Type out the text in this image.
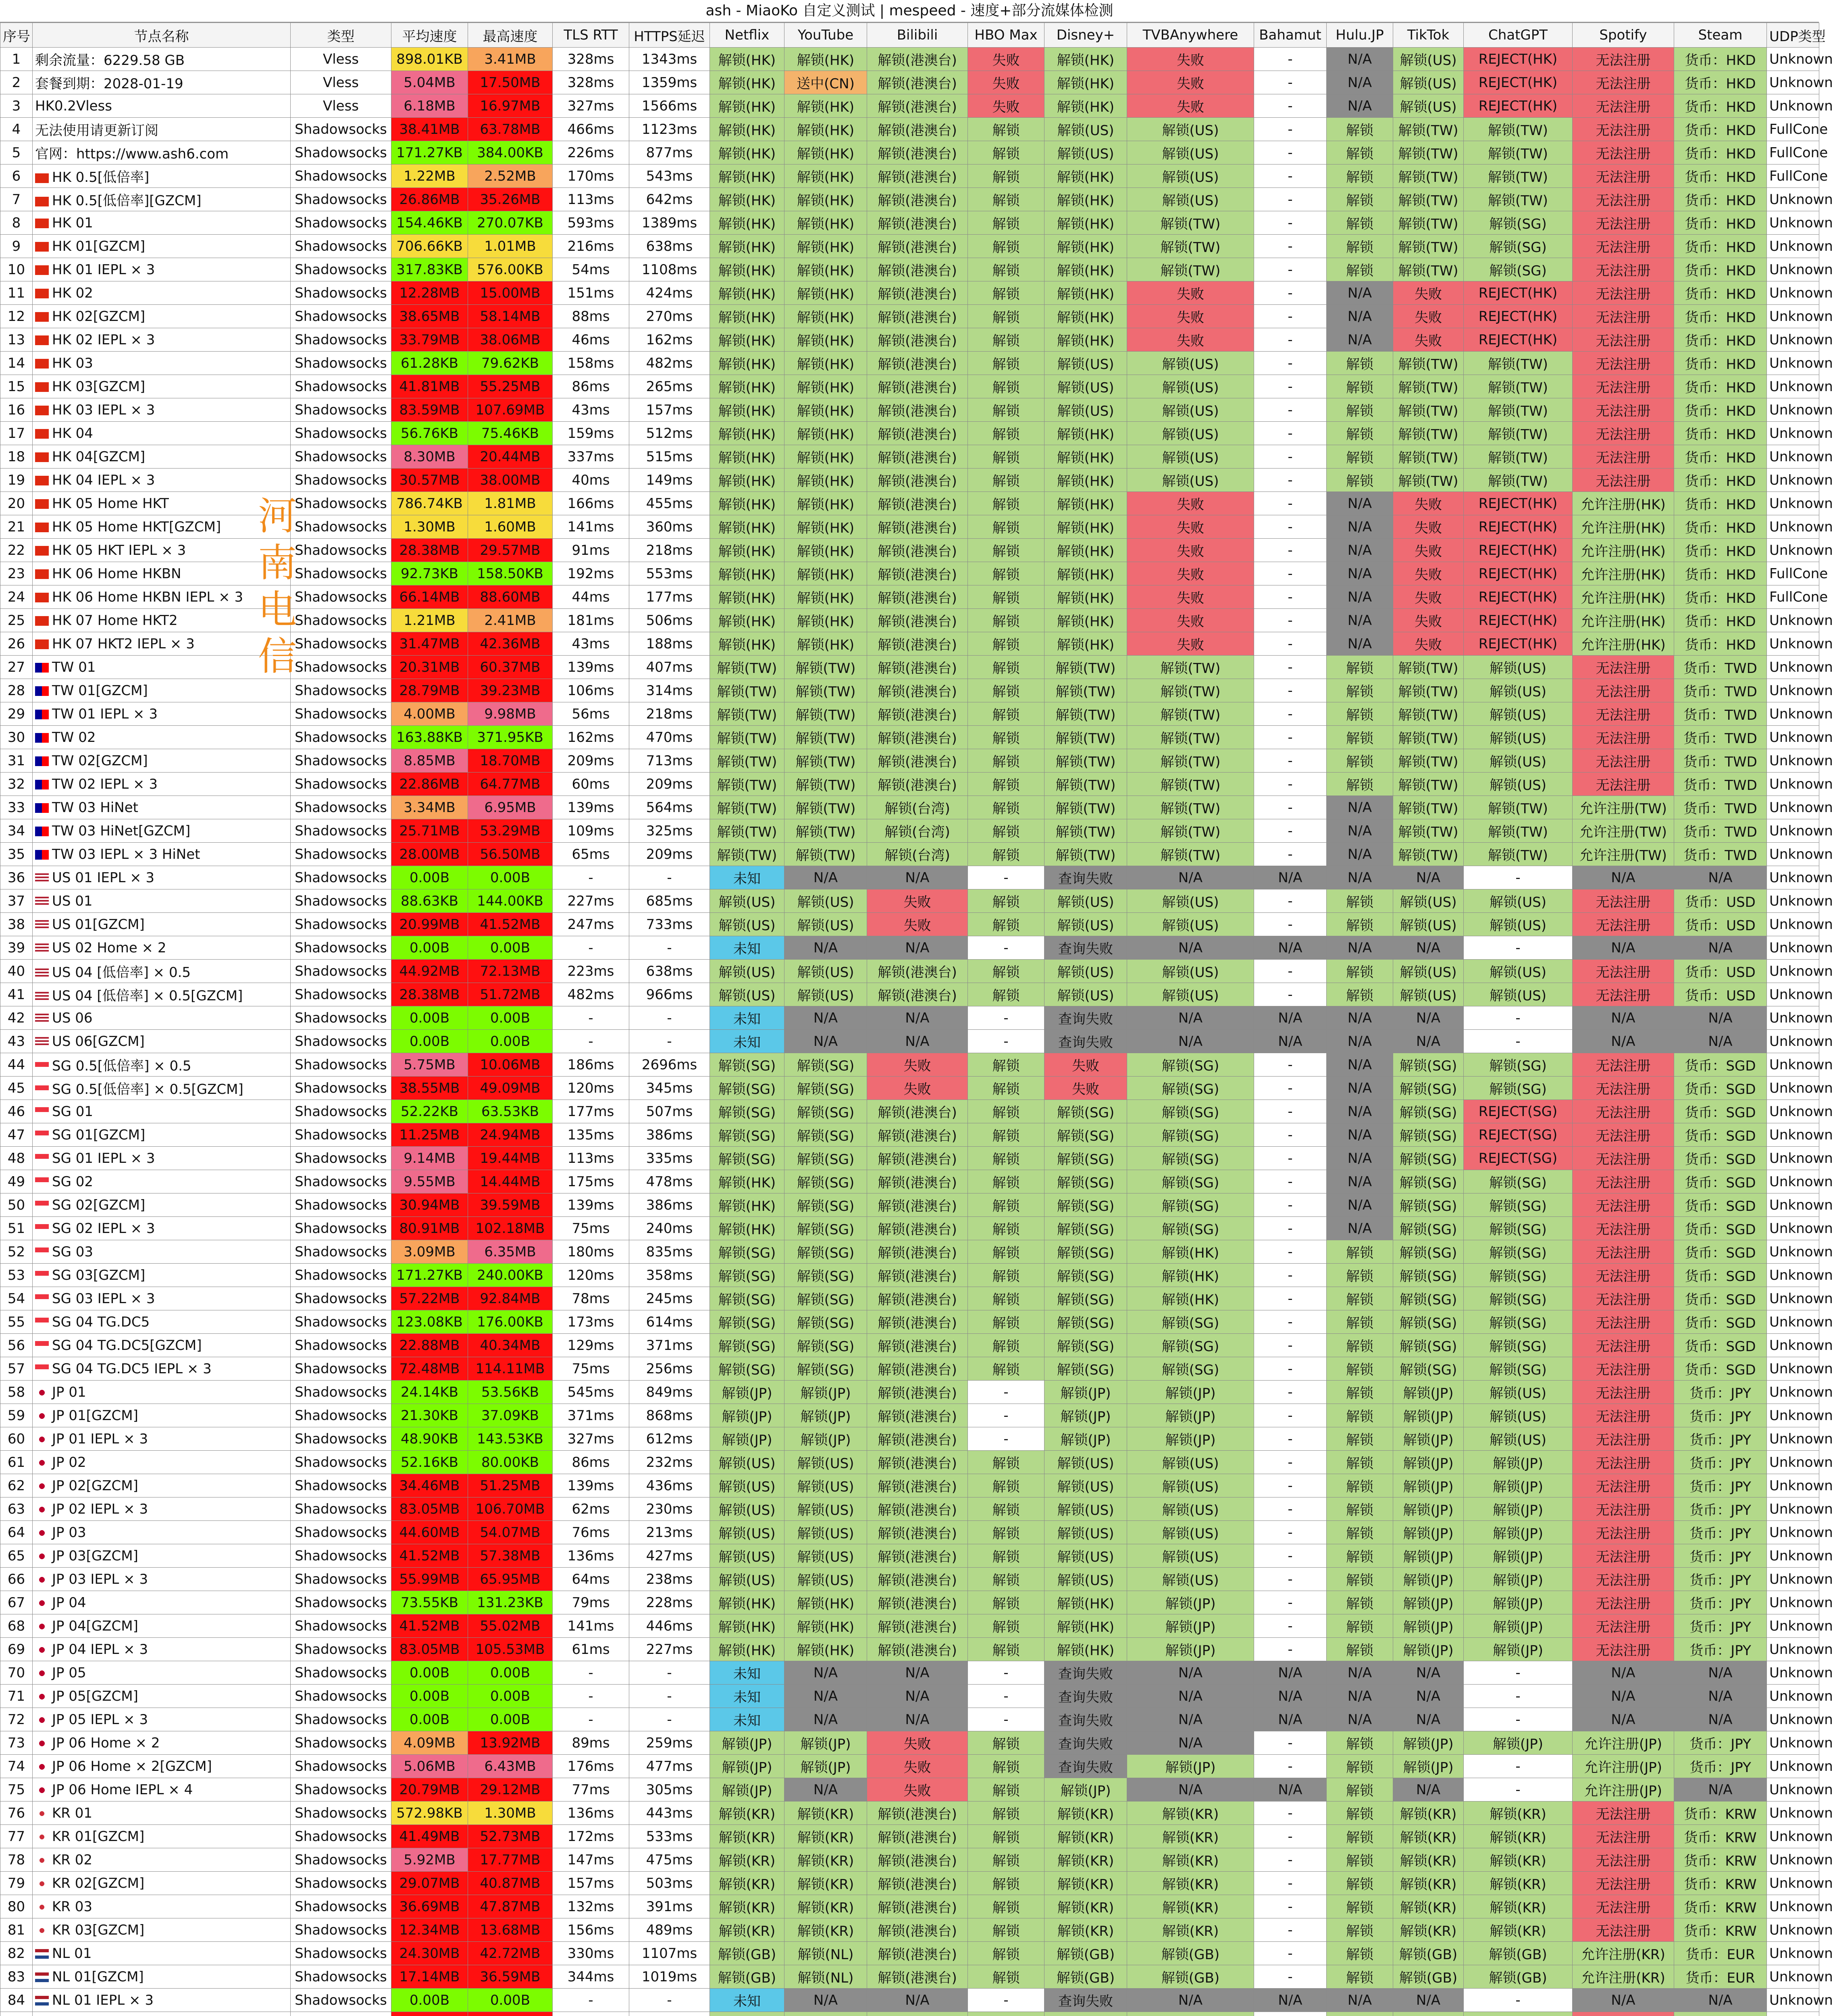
ash - MiaoKo 自定义测试 | mespeed - 速度+部分流媒体检测
序号	节点名称	类型	平均速度	最高速度	TLS RTT	HTTPS延迟	Netflix	YouTube	Bilibili	HBO Max	Disney+	TVBAnywhere	Bahamut	Hulu.JP	TikTok	ChatGPT	Spotify	Steam	UDP类型
1	剩余流量：6229.58 GB	Vless	898.01KB	3.41MB	328ms	1343ms	解锁(HK)	解锁(HK)	解锁(港澳台)	失败	解锁(HK)	失败	-	N/A	解锁(US)	REJECT(HK)	无法注册	货币：HKD	Unknown
2	套餐到期：2028-01-19	Vless	5.04MB	17.50MB	328ms	1359ms	解锁(HK)	送中(CN)	解锁(港澳台)	失败	解锁(HK)	失败	-	N/A	解锁(US)	REJECT(HK)	无法注册	货币：HKD	Unknown
3	HK0.2Vless	Vless	6.18MB	16.97MB	327ms	1566ms	解锁(HK)	解锁(HK)	解锁(港澳台)	失败	解锁(HK)	失败	-	N/A	解锁(US)	REJECT(HK)	无法注册	货币：HKD	Unknown
4	无法使用请更新订阅	Shadowsocks	38.41MB	63.78MB	466ms	1123ms	解锁(HK)	解锁(HK)	解锁(港澳台)	解锁	解锁(US)	解锁(US)	-	解锁	解锁(TW)	解锁(TW)	无法注册	货币：HKD	FullCone
5	官网：https://www.ash6.com	Shadowsocks	171.27KB	384.00KB	226ms	877ms	解锁(HK)	解锁(HK)	解锁(港澳台)	解锁	解锁(US)	解锁(US)	-	解锁	解锁(TW)	解锁(TW)	无法注册	货币：HKD	FullCone
6	HK 0.5[低倍率]	Shadowsocks	1.22MB	2.52MB	170ms	543ms	解锁(HK)	解锁(HK)	解锁(港澳台)	解锁	解锁(HK)	解锁(US)	-	解锁	解锁(TW)	解锁(TW)	无法注册	货币：HKD	FullCone
7	HK 0.5[低倍率][GZCM]	Shadowsocks	26.86MB	35.26MB	113ms	642ms	解锁(HK)	解锁(HK)	解锁(港澳台)	解锁	解锁(HK)	解锁(US)	-	解锁	解锁(TW)	解锁(TW)	无法注册	货币：HKD	Unknown
8	HK 01	Shadowsocks	154.46KB	270.07KB	593ms	1389ms	解锁(HK)	解锁(HK)	解锁(港澳台)	解锁	解锁(HK)	解锁(TW)	-	解锁	解锁(TW)	解锁(SG)	无法注册	货币：HKD	Unknown
9	HK 01[GZCM]	Shadowsocks	706.66KB	1.01MB	216ms	638ms	解锁(HK)	解锁(HK)	解锁(港澳台)	解锁	解锁(HK)	解锁(TW)	-	解锁	解锁(TW)	解锁(SG)	无法注册	货币：HKD	Unknown
10	HK 01 IEPL × 3	Shadowsocks	317.83KB	576.00KB	54ms	1108ms	解锁(HK)	解锁(HK)	解锁(港澳台)	解锁	解锁(HK)	解锁(TW)	-	解锁	解锁(TW)	解锁(SG)	无法注册	货币：HKD	Unknown
11	HK 02	Shadowsocks	12.28MB	15.00MB	151ms	424ms	解锁(HK)	解锁(HK)	解锁(港澳台)	解锁	解锁(HK)	失败	-	N/A	失败	REJECT(HK)	无法注册	货币：HKD	Unknown
12	HK 02[GZCM]	Shadowsocks	38.65MB	58.14MB	88ms	270ms	解锁(HK)	解锁(HK)	解锁(港澳台)	解锁	解锁(HK)	失败	-	N/A	失败	REJECT(HK)	无法注册	货币：HKD	Unknown
13	HK 02 IEPL × 3	Shadowsocks	33.79MB	38.06MB	46ms	162ms	解锁(HK)	解锁(HK)	解锁(港澳台)	解锁	解锁(HK)	失败	-	N/A	失败	REJECT(HK)	无法注册	货币：HKD	Unknown
14	HK 03	Shadowsocks	61.28KB	79.62KB	158ms	482ms	解锁(HK)	解锁(HK)	解锁(港澳台)	解锁	解锁(US)	解锁(US)	-	解锁	解锁(TW)	解锁(TW)	无法注册	货币：HKD	Unknown
15	HK 03[GZCM]	Shadowsocks	41.81MB	55.25MB	86ms	265ms	解锁(HK)	解锁(HK)	解锁(港澳台)	解锁	解锁(US)	解锁(US)	-	解锁	解锁(TW)	解锁(TW)	无法注册	货币：HKD	Unknown
16	HK 03 IEPL × 3	Shadowsocks	83.59MB	107.69MB	43ms	157ms	解锁(HK)	解锁(HK)	解锁(港澳台)	解锁	解锁(US)	解锁(US)	-	解锁	解锁(TW)	解锁(TW)	无法注册	货币：HKD	Unknown
17	HK 04	Shadowsocks	56.76KB	75.46KB	159ms	512ms	解锁(HK)	解锁(HK)	解锁(港澳台)	解锁	解锁(HK)	解锁(US)	-	解锁	解锁(TW)	解锁(TW)	无法注册	货币：HKD	Unknown
18	HK 04[GZCM]	Shadowsocks	8.30MB	20.44MB	337ms	515ms	解锁(HK)	解锁(HK)	解锁(港澳台)	解锁	解锁(HK)	解锁(US)	-	解锁	解锁(TW)	解锁(TW)	无法注册	货币：HKD	Unknown
19	HK 04 IEPL × 3	Shadowsocks	30.57MB	38.00MB	40ms	149ms	解锁(HK)	解锁(HK)	解锁(港澳台)	解锁	解锁(HK)	解锁(US)	-	解锁	解锁(TW)	解锁(TW)	无法注册	货币：HKD	Unknown
20	HK 05 Home HKT	Shadowsocks	786.74KB	1.81MB	166ms	455ms	解锁(HK)	解锁(HK)	解锁(港澳台)	解锁	解锁(HK)	失败	-	N/A	失败	REJECT(HK)	允许注册(HK)	货币：HKD	Unknown
21	HK 05 Home HKT[GZCM]	Shadowsocks	1.30MB	1.60MB	141ms	360ms	解锁(HK)	解锁(HK)	解锁(港澳台)	解锁	解锁(HK)	失败	-	N/A	失败	REJECT(HK)	允许注册(HK)	货币：HKD	Unknown
22	HK 05 HKT IEPL × 3	Shadowsocks	28.38MB	29.57MB	91ms	218ms	解锁(HK)	解锁(HK)	解锁(港澳台)	解锁	解锁(HK)	失败	-	N/A	失败	REJECT(HK)	允许注册(HK)	货币：HKD	Unknown
23	HK 06 Home HKBN	Shadowsocks	92.73KB	158.50KB	192ms	553ms	解锁(HK)	解锁(HK)	解锁(港澳台)	解锁	解锁(HK)	失败	-	N/A	失败	REJECT(HK)	允许注册(HK)	货币：HKD	FullCone
24	HK 06 Home HKBN IEPL × 3	Shadowsocks	66.14MB	88.60MB	44ms	177ms	解锁(HK)	解锁(HK)	解锁(港澳台)	解锁	解锁(HK)	失败	-	N/A	失败	REJECT(HK)	允许注册(HK)	货币：HKD	FullCone
25	HK 07 Home HKT2	Shadowsocks	1.21MB	2.41MB	181ms	506ms	解锁(HK)	解锁(HK)	解锁(港澳台)	解锁	解锁(HK)	失败	-	N/A	失败	REJECT(HK)	允许注册(HK)	货币：HKD	Unknown
26	HK 07 HKT2 IEPL × 3	Shadowsocks	31.47MB	42.36MB	43ms	188ms	解锁(HK)	解锁(HK)	解锁(港澳台)	解锁	解锁(HK)	失败	-	N/A	失败	REJECT(HK)	允许注册(HK)	货币：HKD	Unknown
27	TW 01	Shadowsocks	20.31MB	60.37MB	139ms	407ms	解锁(TW)	解锁(TW)	解锁(港澳台)	解锁	解锁(TW)	解锁(TW)	-	解锁	解锁(TW)	解锁(US)	无法注册	货币：TWD	Unknown
28	TW 01[GZCM]	Shadowsocks	28.79MB	39.23MB	106ms	314ms	解锁(TW)	解锁(TW)	解锁(港澳台)	解锁	解锁(TW)	解锁(TW)	-	解锁	解锁(TW)	解锁(US)	无法注册	货币：TWD	Unknown
29	TW 01 IEPL × 3	Shadowsocks	4.00MB	9.98MB	56ms	218ms	解锁(TW)	解锁(TW)	解锁(港澳台)	解锁	解锁(TW)	解锁(TW)	-	解锁	解锁(TW)	解锁(US)	无法注册	货币：TWD	Unknown
30	TW 02	Shadowsocks	163.88KB	371.95KB	162ms	470ms	解锁(TW)	解锁(TW)	解锁(港澳台)	解锁	解锁(TW)	解锁(TW)	-	解锁	解锁(TW)	解锁(US)	无法注册	货币：TWD	Unknown
31	TW 02[GZCM]	Shadowsocks	8.85MB	18.70MB	209ms	713ms	解锁(TW)	解锁(TW)	解锁(港澳台)	解锁	解锁(TW)	解锁(TW)	-	解锁	解锁(TW)	解锁(US)	无法注册	货币：TWD	Unknown
32	TW 02 IEPL × 3	Shadowsocks	22.86MB	64.77MB	60ms	209ms	解锁(TW)	解锁(TW)	解锁(港澳台)	解锁	解锁(TW)	解锁(TW)	-	解锁	解锁(TW)	解锁(US)	无法注册	货币：TWD	Unknown
33	TW 03 HiNet	Shadowsocks	3.34MB	6.95MB	139ms	564ms	解锁(TW)	解锁(TW)	解锁(台湾)	解锁	解锁(TW)	解锁(TW)	-	N/A	解锁(TW)	解锁(TW)	允许注册(TW)	货币：TWD	Unknown
34	TW 03 HiNet[GZCM]	Shadowsocks	25.71MB	53.29MB	109ms	325ms	解锁(TW)	解锁(TW)	解锁(台湾)	解锁	解锁(TW)	解锁(TW)	-	N/A	解锁(TW)	解锁(TW)	允许注册(TW)	货币：TWD	Unknown
35	TW 03 IEPL × 3 HiNet	Shadowsocks	28.00MB	56.50MB	65ms	209ms	解锁(TW)	解锁(TW)	解锁(台湾)	解锁	解锁(TW)	解锁(TW)	-	N/A	解锁(TW)	解锁(TW)	允许注册(TW)	货币：TWD	Unknown
36	US 01 IEPL × 3	Shadowsocks	0.00B	0.00B	-	-	未知	N/A	N/A	-	查询失败	N/A	N/A	N/A	N/A	-	N/A	N/A	Unknown
37	US 01	Shadowsocks	88.63KB	144.00KB	227ms	685ms	解锁(US)	解锁(US)	失败	解锁	解锁(US)	解锁(US)	-	解锁	解锁(US)	解锁(US)	无法注册	货币：USD	Unknown
38	US 01[GZCM]	Shadowsocks	20.99MB	41.52MB	247ms	733ms	解锁(US)	解锁(US)	失败	解锁	解锁(US)	解锁(US)	-	解锁	解锁(US)	解锁(US)	无法注册	货币：USD	Unknown
39	US 02 Home × 2	Shadowsocks	0.00B	0.00B	-	-	未知	N/A	N/A	-	查询失败	N/A	N/A	N/A	N/A	-	N/A	N/A	Unknown
40	US 04 [低倍率] × 0.5	Shadowsocks	44.92MB	72.13MB	223ms	638ms	解锁(US)	解锁(US)	解锁(港澳台)	解锁	解锁(US)	解锁(US)	-	解锁	解锁(US)	解锁(US)	无法注册	货币：USD	Unknown
41	US 04 [低倍率] × 0.5[GZCM]	Shadowsocks	28.38MB	51.72MB	482ms	966ms	解锁(US)	解锁(US)	解锁(港澳台)	解锁	解锁(US)	解锁(US)	-	解锁	解锁(US)	解锁(US)	无法注册	货币：USD	Unknown
42	US 06	Shadowsocks	0.00B	0.00B	-	-	未知	N/A	N/A	-	查询失败	N/A	N/A	N/A	N/A	-	N/A	N/A	Unknown
43	US 06[GZCM]	Shadowsocks	0.00B	0.00B	-	-	未知	N/A	N/A	-	查询失败	N/A	N/A	N/A	N/A	-	N/A	N/A	Unknown
44	SG 0.5[低倍率] × 0.5	Shadowsocks	5.75MB	10.06MB	186ms	2696ms	解锁(SG)	解锁(SG)	失败	解锁	失败	解锁(SG)	-	N/A	解锁(SG)	解锁(SG)	无法注册	货币：SGD	Unknown
45	SG 0.5[低倍率] × 0.5[GZCM]	Shadowsocks	38.55MB	49.09MB	120ms	345ms	解锁(SG)	解锁(SG)	失败	解锁	失败	解锁(SG)	-	N/A	解锁(SG)	解锁(SG)	无法注册	货币：SGD	Unknown
46	SG 01	Shadowsocks	52.22KB	63.53KB	177ms	507ms	解锁(SG)	解锁(SG)	解锁(港澳台)	解锁	解锁(SG)	解锁(SG)	-	N/A	解锁(SG)	REJECT(SG)	无法注册	货币：SGD	Unknown
47	SG 01[GZCM]	Shadowsocks	11.25MB	24.94MB	135ms	386ms	解锁(SG)	解锁(SG)	解锁(港澳台)	解锁	解锁(SG)	解锁(SG)	-	N/A	解锁(SG)	REJECT(SG)	无法注册	货币：SGD	Unknown
48	SG 01 IEPL × 3	Shadowsocks	9.14MB	19.44MB	113ms	335ms	解锁(SG)	解锁(SG)	解锁(港澳台)	解锁	解锁(SG)	解锁(SG)	-	N/A	解锁(SG)	REJECT(SG)	无法注册	货币：SGD	Unknown
49	SG 02	Shadowsocks	9.55MB	14.44MB	175ms	478ms	解锁(HK)	解锁(SG)	解锁(港澳台)	解锁	解锁(SG)	解锁(SG)	-	N/A	解锁(SG)	解锁(SG)	无法注册	货币：SGD	Unknown
50	SG 02[GZCM]	Shadowsocks	30.94MB	39.59MB	139ms	386ms	解锁(HK)	解锁(SG)	解锁(港澳台)	解锁	解锁(SG)	解锁(SG)	-	N/A	解锁(SG)	解锁(SG)	无法注册	货币：SGD	Unknown
51	SG 02 IEPL × 3	Shadowsocks	80.91MB	102.18MB	75ms	240ms	解锁(HK)	解锁(SG)	解锁(港澳台)	解锁	解锁(SG)	解锁(SG)	-	N/A	解锁(SG)	解锁(SG)	无法注册	货币：SGD	Unknown
52	SG 03	Shadowsocks	3.09MB	6.35MB	180ms	835ms	解锁(SG)	解锁(SG)	解锁(港澳台)	解锁	解锁(SG)	解锁(HK)	-	解锁	解锁(SG)	解锁(SG)	无法注册	货币：SGD	Unknown
53	SG 03[GZCM]	Shadowsocks	171.27KB	240.00KB	120ms	358ms	解锁(SG)	解锁(SG)	解锁(港澳台)	解锁	解锁(SG)	解锁(HK)	-	解锁	解锁(SG)	解锁(SG)	无法注册	货币：SGD	Unknown
54	SG 03 IEPL × 3	Shadowsocks	57.22MB	92.84MB	78ms	245ms	解锁(SG)	解锁(SG)	解锁(港澳台)	解锁	解锁(SG)	解锁(HK)	-	解锁	解锁(SG)	解锁(SG)	无法注册	货币：SGD	Unknown
55	SG 04 TG.DC5	Shadowsocks	123.08KB	176.00KB	173ms	614ms	解锁(SG)	解锁(SG)	解锁(港澳台)	解锁	解锁(SG)	解锁(SG)	-	解锁	解锁(SG)	解锁(SG)	无法注册	货币：SGD	Unknown
56	SG 04 TG.DC5[GZCM]	Shadowsocks	22.88MB	40.34MB	129ms	371ms	解锁(SG)	解锁(SG)	解锁(港澳台)	解锁	解锁(SG)	解锁(SG)	-	解锁	解锁(SG)	解锁(SG)	无法注册	货币：SGD	Unknown
57	SG 04 TG.DC5 IEPL × 3	Shadowsocks	72.48MB	114.11MB	75ms	256ms	解锁(SG)	解锁(SG)	解锁(港澳台)	解锁	解锁(SG)	解锁(SG)	-	解锁	解锁(SG)	解锁(SG)	无法注册	货币：SGD	Unknown
58	JP 01	Shadowsocks	24.14KB	53.56KB	545ms	849ms	解锁(JP)	解锁(JP)	解锁(港澳台)	-	解锁(JP)	解锁(JP)	-	解锁	解锁(JP)	解锁(US)	无法注册	货币：JPY	Unknown
59	JP 01[GZCM]	Shadowsocks	21.30KB	37.09KB	371ms	868ms	解锁(JP)	解锁(JP)	解锁(港澳台)	-	解锁(JP)	解锁(JP)	-	解锁	解锁(JP)	解锁(US)	无法注册	货币：JPY	Unknown
60	JP 01 IEPL × 3	Shadowsocks	48.90KB	143.53KB	327ms	612ms	解锁(JP)	解锁(JP)	解锁(港澳台)	-	解锁(JP)	解锁(JP)	-	解锁	解锁(JP)	解锁(US)	无法注册	货币：JPY	Unknown
61	JP 02	Shadowsocks	52.16KB	80.00KB	86ms	232ms	解锁(US)	解锁(US)	解锁(港澳台)	解锁	解锁(US)	解锁(US)	-	解锁	解锁(JP)	解锁(JP)	无法注册	货币：JPY	Unknown
62	JP 02[GZCM]	Shadowsocks	34.46MB	51.25MB	139ms	436ms	解锁(US)	解锁(US)	解锁(港澳台)	解锁	解锁(US)	解锁(US)	-	解锁	解锁(JP)	解锁(JP)	无法注册	货币：JPY	Unknown
63	JP 02 IEPL × 3	Shadowsocks	83.05MB	106.70MB	62ms	230ms	解锁(US)	解锁(US)	解锁(港澳台)	解锁	解锁(US)	解锁(US)	-	解锁	解锁(JP)	解锁(JP)	无法注册	货币：JPY	Unknown
64	JP 03	Shadowsocks	44.60MB	54.07MB	76ms	213ms	解锁(US)	解锁(US)	解锁(港澳台)	解锁	解锁(US)	解锁(US)	-	解锁	解锁(JP)	解锁(JP)	无法注册	货币：JPY	Unknown
65	JP 03[GZCM]	Shadowsocks	41.52MB	57.38MB	136ms	427ms	解锁(US)	解锁(US)	解锁(港澳台)	解锁	解锁(US)	解锁(US)	-	解锁	解锁(JP)	解锁(JP)	无法注册	货币：JPY	Unknown
66	JP 03 IEPL × 3	Shadowsocks	55.99MB	65.95MB	64ms	238ms	解锁(US)	解锁(US)	解锁(港澳台)	解锁	解锁(US)	解锁(US)	-	解锁	解锁(JP)	解锁(JP)	无法注册	货币：JPY	Unknown
67	JP 04	Shadowsocks	73.55KB	131.23KB	79ms	228ms	解锁(HK)	解锁(HK)	解锁(港澳台)	解锁	解锁(HK)	解锁(JP)	-	解锁	解锁(JP)	解锁(JP)	无法注册	货币：JPY	Unknown
68	JP 04[GZCM]	Shadowsocks	41.52MB	55.02MB	141ms	446ms	解锁(HK)	解锁(HK)	解锁(港澳台)	解锁	解锁(HK)	解锁(JP)	-	解锁	解锁(JP)	解锁(JP)	无法注册	货币：JPY	Unknown
69	JP 04 IEPL × 3	Shadowsocks	83.05MB	105.53MB	61ms	227ms	解锁(HK)	解锁(HK)	解锁(港澳台)	解锁	解锁(HK)	解锁(JP)	-	解锁	解锁(JP)	解锁(JP)	无法注册	货币：JPY	Unknown
70	JP 05	Shadowsocks	0.00B	0.00B	-	-	未知	N/A	N/A	-	查询失败	N/A	N/A	N/A	N/A	-	N/A	N/A	Unknown
71	JP 05[GZCM]	Shadowsocks	0.00B	0.00B	-	-	未知	N/A	N/A	-	查询失败	N/A	N/A	N/A	N/A	-	N/A	N/A	Unknown
72	JP 05 IEPL × 3	Shadowsocks	0.00B	0.00B	-	-	未知	N/A	N/A	-	查询失败	N/A	N/A	N/A	N/A	-	N/A	N/A	Unknown
73	JP 06 Home × 2	Shadowsocks	4.09MB	13.92MB	89ms	259ms	解锁(JP)	解锁(JP)	失败	解锁	查询失败	N/A	-	解锁	解锁(JP)	解锁(JP)	允许注册(JP)	货币：JPY	Unknown
74	JP 06 Home × 2[GZCM]	Shadowsocks	5.06MB	6.43MB	176ms	477ms	解锁(JP)	解锁(JP)	失败	解锁	查询失败	解锁(JP)	-	解锁	解锁(JP)	-	允许注册(JP)	货币：JPY	Unknown
75	JP 06 Home IEPL × 4	Shadowsocks	20.79MB	29.12MB	77ms	305ms	解锁(JP)	N/A	失败	解锁	解锁(JP)	N/A	N/A	解锁	N/A	-	允许注册(JP)	N/A	Unknown
76	KR 01	Shadowsocks	572.98KB	1.30MB	136ms	443ms	解锁(KR)	解锁(KR)	解锁(港澳台)	解锁	解锁(KR)	解锁(KR)	-	解锁	解锁(KR)	解锁(KR)	无法注册	货币：KRW	Unknown
77	KR 01[GZCM]	Shadowsocks	41.49MB	52.73MB	172ms	533ms	解锁(KR)	解锁(KR)	解锁(港澳台)	解锁	解锁(KR)	解锁(KR)	-	解锁	解锁(KR)	解锁(KR)	无法注册	货币：KRW	Unknown
78	KR 02	Shadowsocks	5.92MB	17.77MB	147ms	475ms	解锁(KR)	解锁(KR)	解锁(港澳台)	解锁	解锁(KR)	解锁(KR)	-	解锁	解锁(KR)	解锁(KR)	无法注册	货币：KRW	Unknown
79	KR 02[GZCM]	Shadowsocks	29.07MB	40.87MB	157ms	503ms	解锁(KR)	解锁(KR)	解锁(港澳台)	解锁	解锁(KR)	解锁(KR)	-	解锁	解锁(KR)	解锁(KR)	无法注册	货币：KRW	Unknown
80	KR 03	Shadowsocks	36.69MB	47.87MB	132ms	391ms	解锁(KR)	解锁(KR)	解锁(港澳台)	解锁	解锁(KR)	解锁(KR)	-	解锁	解锁(KR)	解锁(KR)	无法注册	货币：KRW	Unknown
81	KR 03[GZCM]	Shadowsocks	12.34MB	13.68MB	156ms	489ms	解锁(KR)	解锁(KR)	解锁(港澳台)	解锁	解锁(KR)	解锁(KR)	-	解锁	解锁(KR)	解锁(KR)	无法注册	货币：KRW	Unknown
82	NL 01	Shadowsocks	24.30MB	42.72MB	330ms	1107ms	解锁(GB)	解锁(NL)	解锁(港澳台)	解锁	解锁(GB)	解锁(GB)	-	解锁	解锁(GB)	解锁(GB)	允许注册(KR)	货币：EUR	Unknown
83	NL 01[GZCM]	Shadowsocks	17.14MB	36.59MB	344ms	1019ms	解锁(GB)	解锁(NL)	解锁(港澳台)	解锁	解锁(GB)	解锁(GB)	-	解锁	解锁(GB)	解锁(GB)	允许注册(KR)	货币：EUR	Unknown
84	NL 01 IEPL × 3	Shadowsocks	0.00B	0.00B	-	-	未知	N/A	N/A	-	查询失败	N/A	N/A	N/A	N/A	-	N/A	N/A	Unknown

河南电信
